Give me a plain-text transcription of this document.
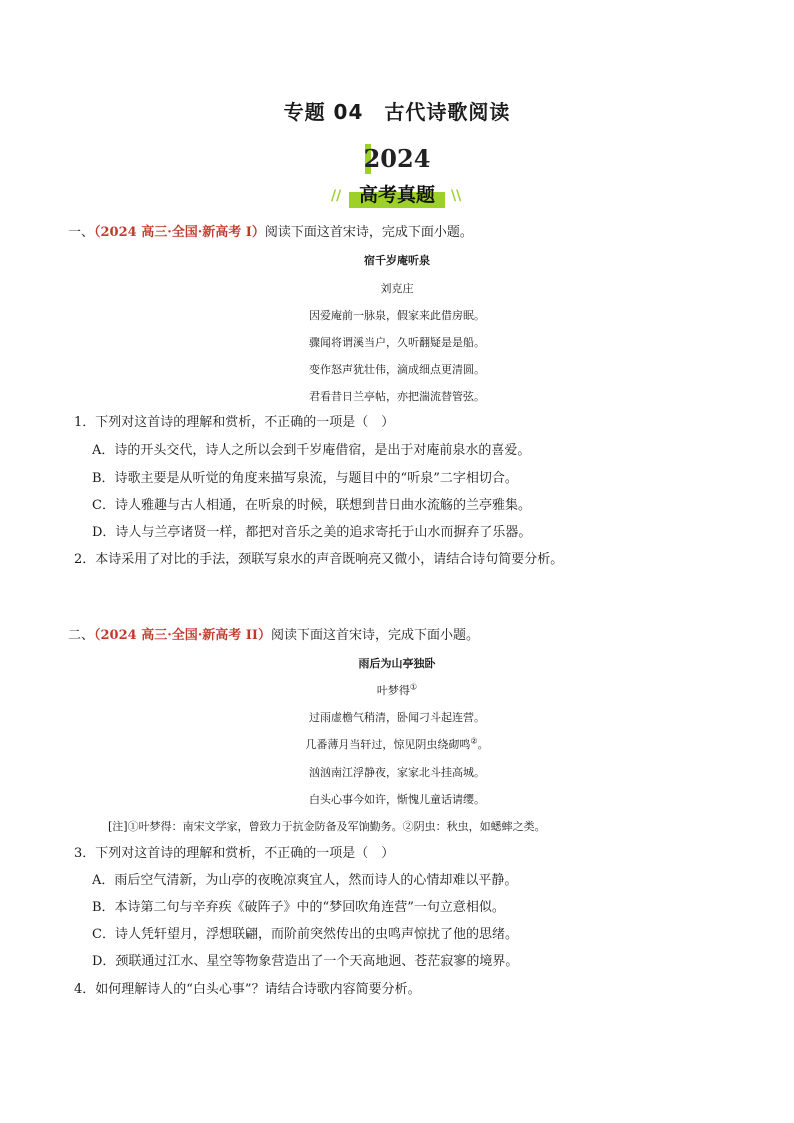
专题 04　古代诗歌阅读
2024
// 高考真题	\\
一、（2024 高三·全国·新高考 I）阅读下面这首宋诗，完成下面小题。
宿千岁庵听泉
刘克庄
因爱庵前一脉泉，假家来此借房眠。
骤闻将谓溪当户，久听翻疑是是船。
变作怒声犹壮伟，滴成细点更清圆。
君看昔日兰亭帖，亦把湍流替管弦。
1．下列对这首诗的理解和赏析，不正确的一项是（　）
A．诗的开头交代，诗人之所以会到千岁庵借宿，是出于对庵前泉水的喜爱。
B．诗歌主要是从听觉的角度来描写泉流，与题目中的“听泉”二字相切合。
C．诗人雅趣与古人相通，在听泉的时候，联想到昔日曲水流觞的兰亭雅集。
D．诗人与兰亭诸贤一样，都把对音乐之美的追求寄托于山水而摒弃了乐器。
2．本诗采用了对比的手法，颈联写泉水的声音既响亮又微小，请结合诗句简要分析。
二、（2024 高三·全国·新高考 II）阅读下面这首宋诗，完成下面小题。
雨后为山亭独卧
叶梦得①
过雨虚檐气稍清，卧闻刁斗起连营。
几番薄月当轩过，惊见阴虫绕砌鸣②。
汹汹南江浮静夜，家家北斗挂高城。
白头心事今如许，惭愧儿童话请缨。
[注]①叶梦得：南宋文学家，曾致力于抗金防备及军饷勤务。②阴虫：秋虫，如蟋蟀之类。
3．下列对这首诗的理解和赏析，不正确的一项是（　）
A．雨后空气清新，为山亭的夜晚凉爽宜人，然而诗人的心情却难以平静。
B．本诗第二句与辛弃疾《破阵子》中的“梦回吹角连营”一句立意相似。
C．诗人凭轩望月，浮想联翩，而阶前突然传出的虫鸣声惊扰了他的思绪。
D．颈联通过江水、星空等物象营造出了一个天高地迥、苍茫寂寥的境界。
4．如何理解诗人的“白头心事”？请结合诗歌内容简要分析。
